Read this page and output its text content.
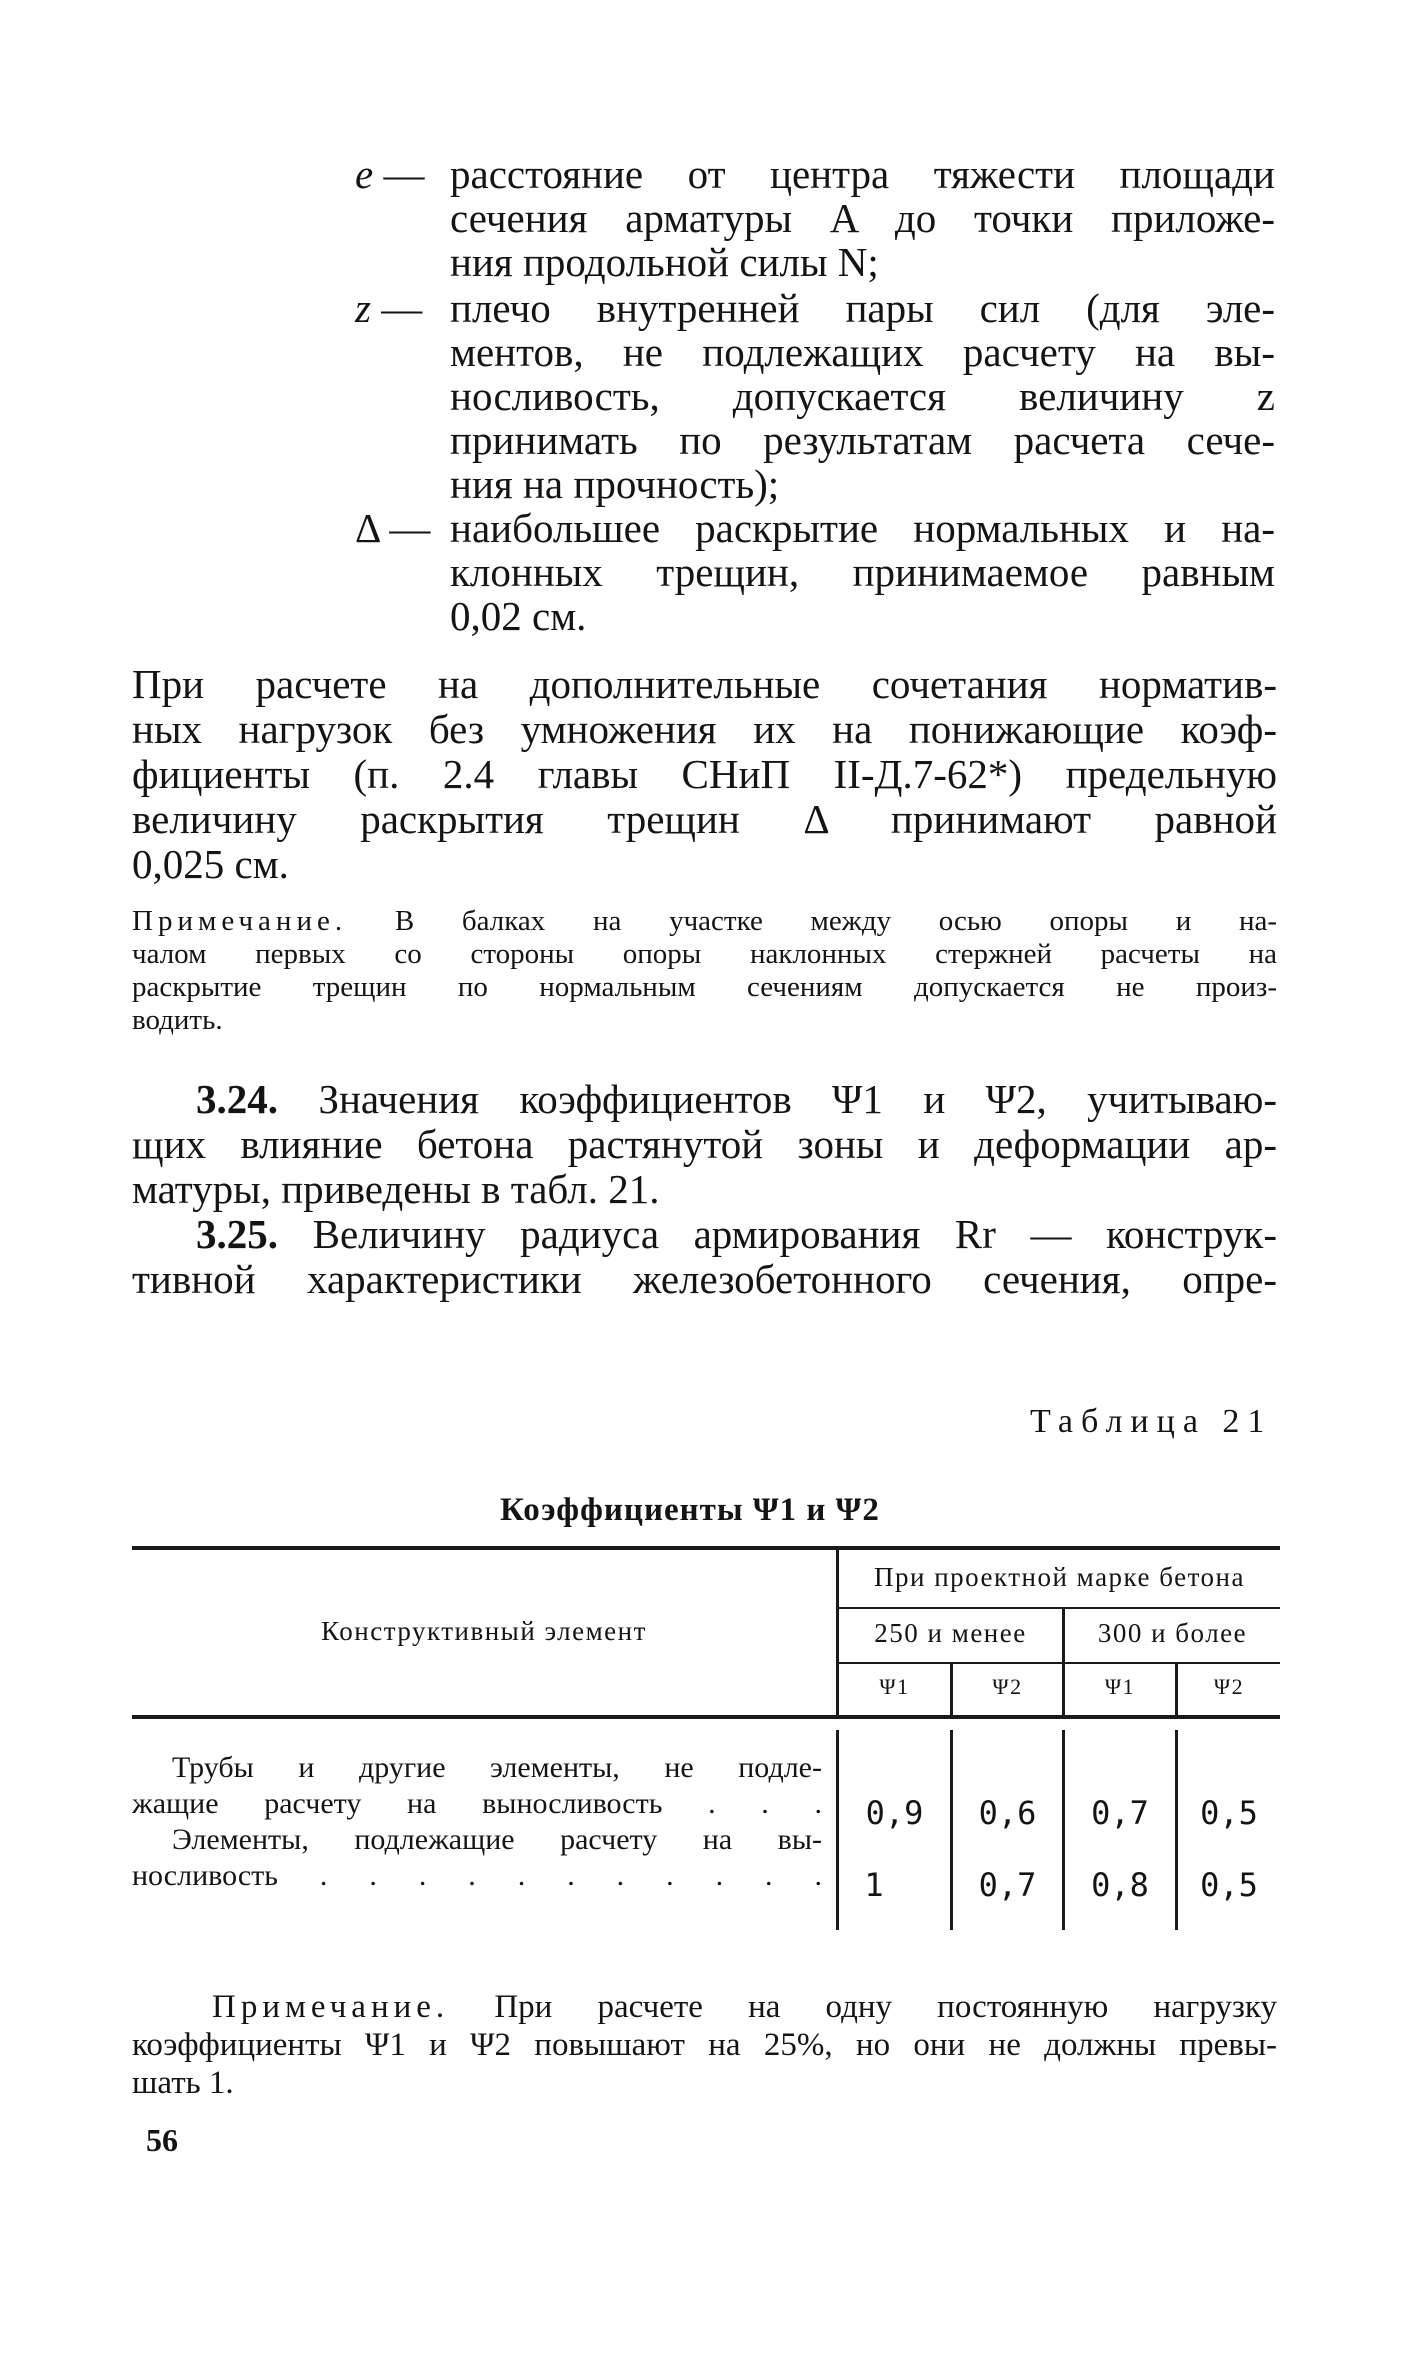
e — расстояние от центра тяжести площади
сечения арматуры A до точки приложе-
ния продольной силы N;
z — плечо внутренней пары сил (для эле-
ментов, не подлежащих расчету на вы-
носливость, допускается величину z
принимать по результатам расчета сече-
ния на прочность);
Δ — наибольшее раскрытие нормальных и на-
клонных трещин, принимаемое равным
0,02 см.
При расчете на дополнительные сочетания норматив-
ных нагрузок без умножения их на понижающие коэф-
фициенты (п. 2.4 главы СНиП II-Д.7-62*) предельную
величину раскрытия трещин Δ принимают равной
0,025 см.
Примечание. В балках на участке между осью опоры и на-
чалом первых со стороны опоры наклонных стержней расчеты на
раскрытие трещин по нормальным сечениям допускается не произ-
водить.
3.24. Значения коэффициентов Ψ1 и Ψ2, учитываю-
щих влияние бетона растянутой зоны и деформации ар-
матуры, приведены в табл. 21.
3.25. Величину радиуса армирования Rr — конструк-
тивной характеристики железобетонного сечения, опре-
Таблица 21
Коэффициенты Ψ1 и Ψ2
Конструктивный элемент
При проектной марке бетона
250 и менее	300 и более
Ψ1	Ψ2	Ψ1	Ψ2
Трубы и другие элементы, не подле-
жащие расчету на выносливость . . .	0,9	0,6	0,7	0,5
Элементы, подлежащие расчету на вы-
носливость . . . . . . . . . . .	1	0,7	0,8	0,5
Примечание. При расчете на одну постоянную нагрузку
коэффициенты Ψ1 и Ψ2 повышают на 25%, но они не должны превы-
шать 1.
56
